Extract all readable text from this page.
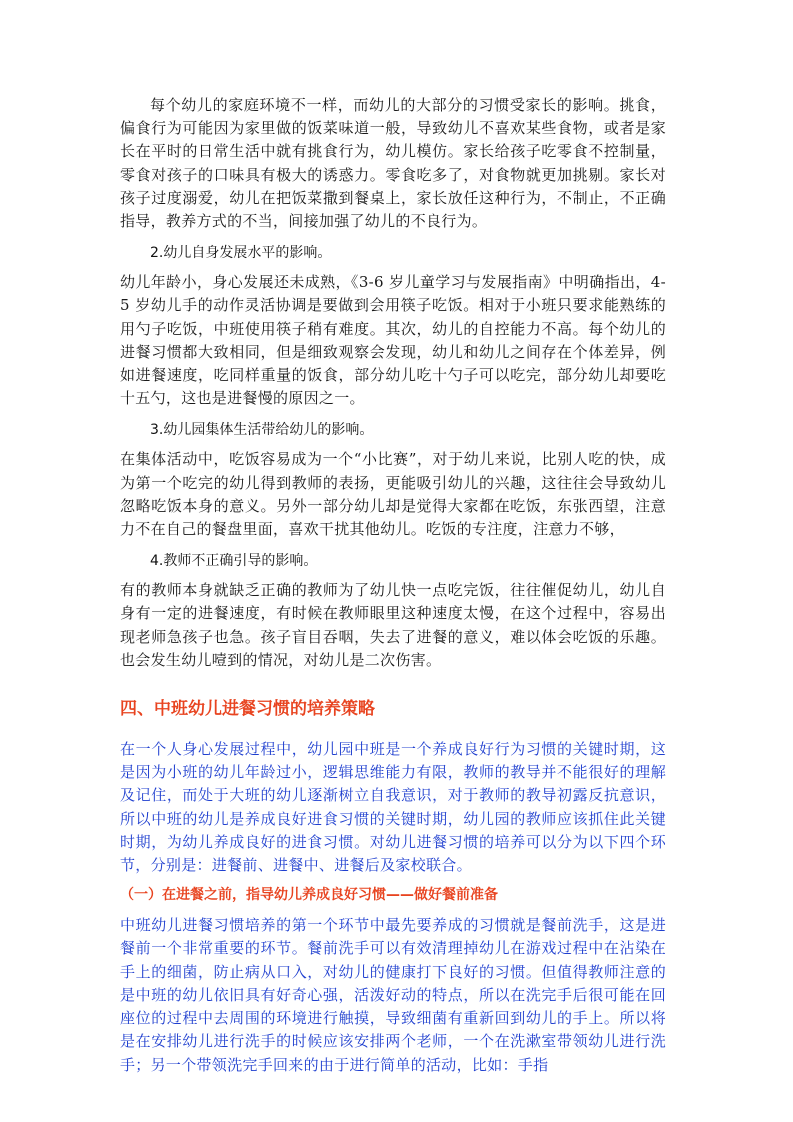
每个幼儿的家庭环境不一样，而幼儿的大部分的习惯受家长的影响。挑食，偏食行为可能因为家里做的饭菜味道一般，导致幼儿不喜欢某些食物，或者是家长在平时的日常生活中就有挑食行为，幼儿模仿。家长给孩子吃零食不控制量，零食对孩子的口味具有极大的诱惑力。零食吃多了，对食物就更加挑剔。家长对孩子过度溺爱，幼儿在把饭菜撒到餐桌上，家长放任这种行为，不制止，不正确指导，教养方式的不当，间接加强了幼儿的不良行为。

2.幼儿自身发展水平的影响。

幼儿年龄小，身心发展还未成熟，《3-6 岁儿童学习与发展指南》中明确指出，4-5 岁幼儿手的动作灵活协调是要做到会用筷子吃饭。相对于小班只要求能熟练的用勺子吃饭，中班使用筷子稍有难度。其次，幼儿的自控能力不高。每个幼儿的进餐习惯都大致相同，但是细致观察会发现，幼儿和幼儿之间存在个体差异，例如进餐速度，吃同样重量的饭食，部分幼儿吃十勺子可以吃完，部分幼儿却要吃十五勺，这也是进餐慢的原因之一。

3.幼儿园集体生活带给幼儿的影响。

在集体活动中，吃饭容易成为一个“小比赛”，对于幼儿来说，比别人吃的快，成为第一个吃完的幼儿得到教师的表扬，更能吸引幼儿的兴趣，这往往会导致幼儿忽略吃饭本身的意义。另外一部分幼儿却是觉得大家都在吃饭，东张西望，注意力不在自己的餐盘里面，喜欢干扰其他幼儿。吃饭的专注度，注意力不够，

4.教师不正确引导的影响。

有的教师本身就缺乏正确的教师为了幼儿快一点吃完饭，往往催促幼儿，幼儿自身有一定的进餐速度，有时候在教师眼里这种速度太慢，在这个过程中，容易出现老师急孩子也急。孩子盲目吞咽，失去了进餐的意义，难以体会吃饭的乐趣。也会发生幼儿噎到的情况，对幼儿是二次伤害。

四、中班幼儿进餐习惯的培养策略

在一个人身心发展过程中，幼儿园中班是一个养成良好行为习惯的关键时期，这是因为小班的幼儿年龄过小，逻辑思维能力有限，教师的教导并不能很好的理解及记住，而处于大班的幼儿逐渐树立自我意识，对于教师的教导初露反抗意识，所以中班的幼儿是养成良好进食习惯的关键时期，幼儿园的教师应该抓住此关键时期，为幼儿养成良好的进食习惯。对幼儿进餐习惯的培养可以分为以下四个环节，分别是：进餐前、进餐中、进餐后及家校联合。

（一）在进餐之前，指导幼儿养成良好习惯——做好餐前准备

中班幼儿进餐习惯培养的第一个环节中最先要养成的习惯就是餐前洗手，这是进餐前一个非常重要的环节。餐前洗手可以有效清理掉幼儿在游戏过程中在沾染在手上的细菌，防止病从口入，对幼儿的健康打下良好的习惯。但值得教师注意的是中班的幼儿依旧具有好奇心强，活泼好动的特点，所以在洗完手后很可能在回座位的过程中去周围的环境进行触摸，导致细菌有重新回到幼儿的手上。所以将是在安排幼儿进行洗手的时候应该安排两个老师，一个在洗漱室带领幼儿进行洗手；另一个带领洗完手回来的由于进行简单的活动，比如：手指
